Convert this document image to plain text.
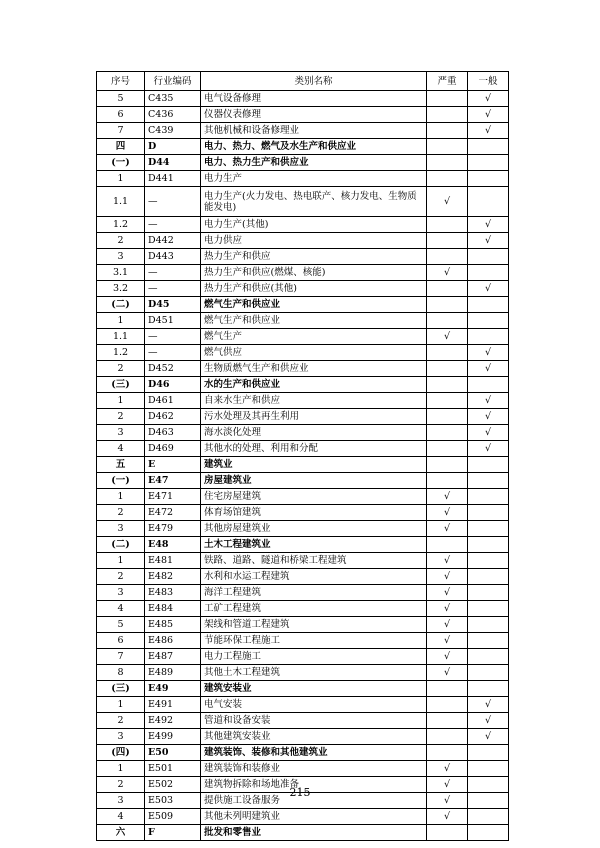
序号	行业编码	类别名称	严重	一般
5	C435	电气设备修理		√
6	C436	仪器仪表修理		√
7	C439	其他机械和设备修理业		√
四	D	电力、热力、燃气及水生产和供应业		
(一)	D44	电力、热力生产和供应业		
1	D441	电力生产		
1.1	—	电力生产(火力发电、热电联产、核力发电、生物质能发电)	√	
1.2	—	电力生产(其他)		√
2	D442	电力供应		√
3	D443	热力生产和供应		
3.1	—	热力生产和供应(燃煤、核能)	√	
3.2	—	热力生产和供应(其他)		√
(二)	D45	燃气生产和供应业		
1	D451	燃气生产和供应业		
1.1	—	燃气生产	√	
1.2	—	燃气供应		√
2	D452	生物质燃气生产和供应业		√
(三)	D46	水的生产和供应业		
1	D461	自来水生产和供应		√
2	D462	污水处理及其再生利用		√
3	D463	海水淡化处理		√
4	D469	其他水的处理、利用和分配		√
五	E	建筑业		
(一)	E47	房屋建筑业		
1	E471	住宅房屋建筑	√	
2	E472	体育场馆建筑	√	
3	E479	其他房屋建筑业	√	
(二)	E48	土木工程建筑业		
1	E481	铁路、道路、隧道和桥梁工程建筑	√	
2	E482	水利和水运工程建筑	√	
3	E483	海洋工程建筑	√	
4	E484	工矿工程建筑	√	
5	E485	架线和管道工程建筑	√	
6	E486	节能环保工程施工	√	
7	E487	电力工程施工	√	
8	E489	其他土木工程建筑	√	
(三)	E49	建筑安装业		
1	E491	电气安装		√
2	E492	管道和设备安装		√
3	E499	其他建筑安装业		√
(四)	E50	建筑装饰、装修和其他建筑业		
1	E501	建筑装饰和装修业	√	
2	E502	建筑物拆除和场地准备	√	
3	E503	提供施工设备服务	√	
4	E509	其他未列明建筑业	√	
六	F	批发和零售业		
215
